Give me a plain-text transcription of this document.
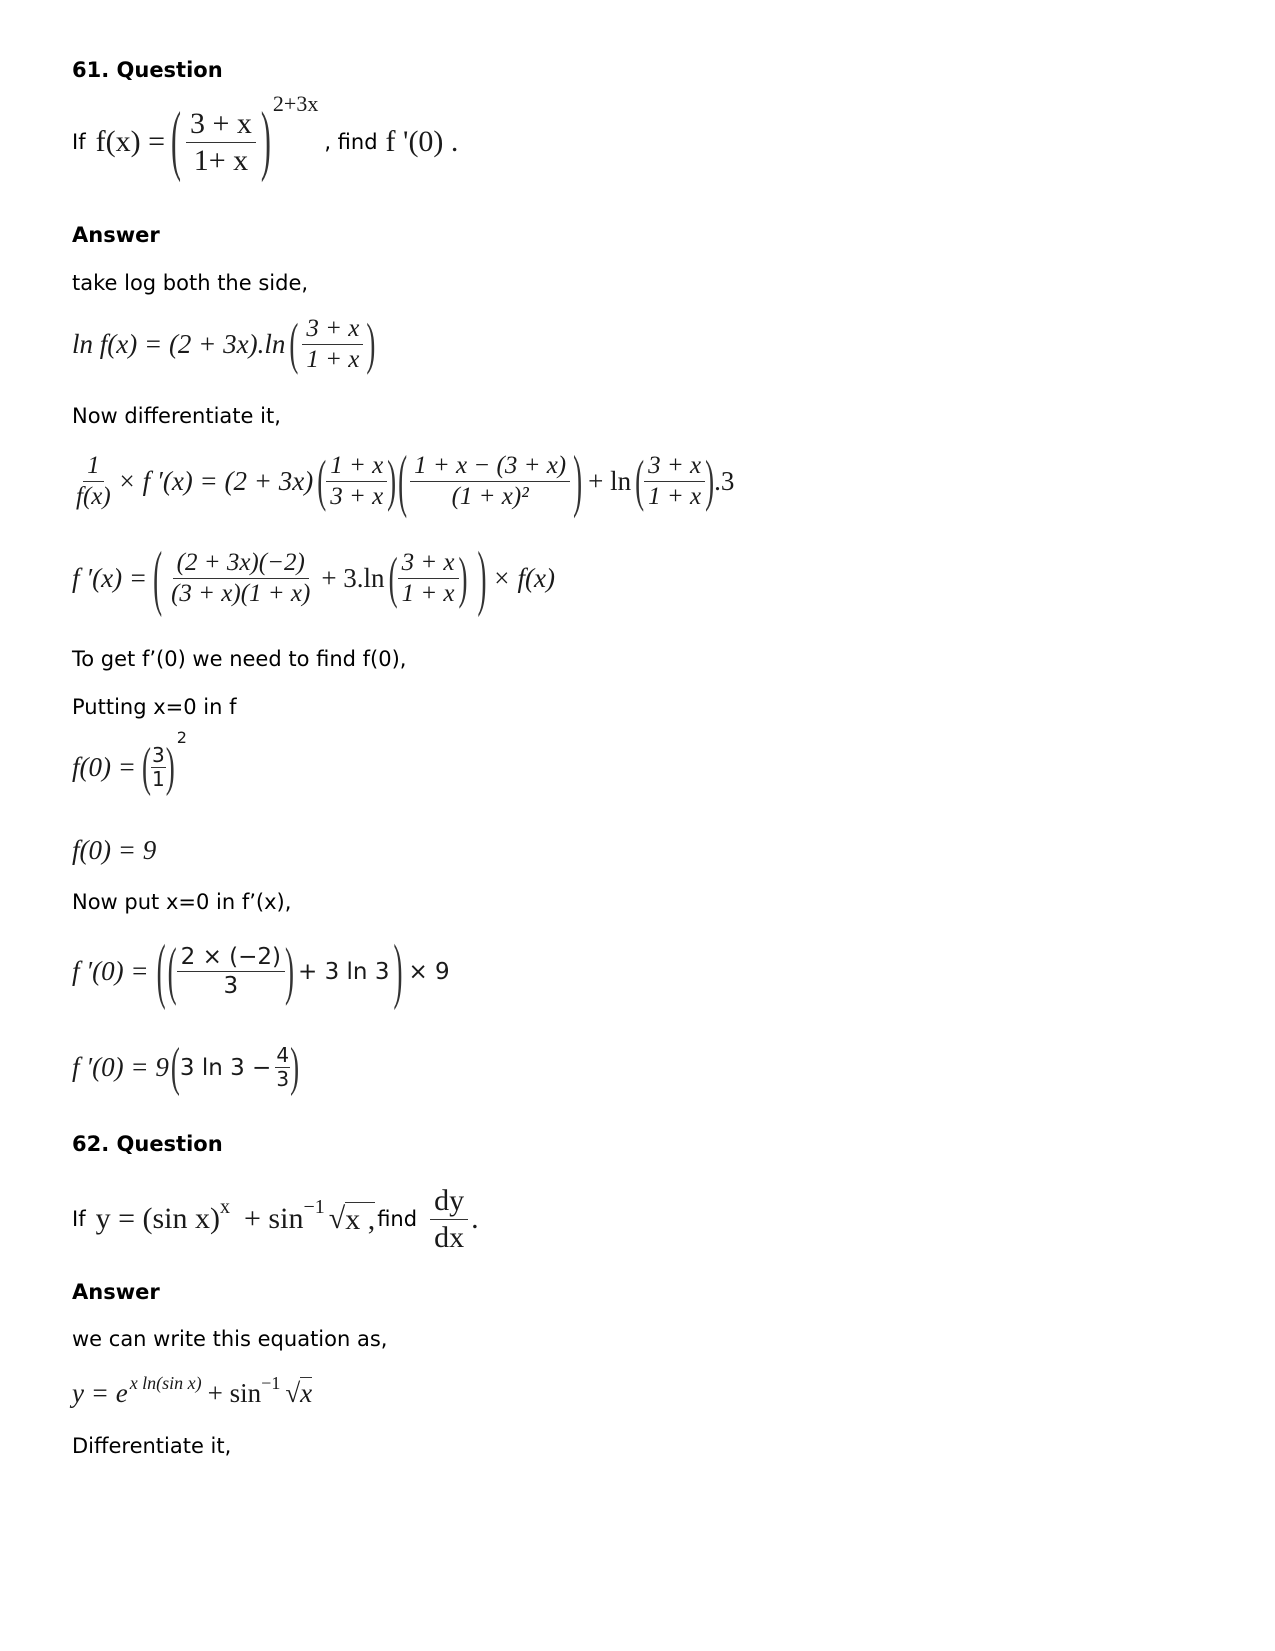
61. Question
If f(x) = ( $\frac{3 + x}{1+ x}$ ) 2+3x
, find f '(0) .
Answer
take log both the side,
ln f(x) = (2 + 3x).ln ( $\frac{3 + x}{1 + x}$ )
Now differentiate it,
$\frac{1}{f(x)} \times f$ ′(x) = (2 + 3x) ( $\frac{1 + x}{3 + x}$ ) ( $\frac{1 + x - (3 + x)}{\text{(1 + x)²}}$ ) + ln ( $\frac{3 + x}{1 + x}$ ) .3
f ′(x) = ( $\frac{(2 + 3x)(-2)}{(3 + x)(1 + x)} + 3.\ln$ ( $\frac{3 + x}{1 + x}$ ) ) × f(x)
To get f’(0) we need to find f(0),
Putting x=0 in f
f(0) = ( $\frac{3}{1}$ ) 2
f(0) = 9
Now put x=0 in f’(x),
f ′(0) = ( ( $\frac{2 \times (-2)}{3}$ ) + 3 ln 3 ) × 9
f ′(0) = 9 ( 3 $\ln 3 - \frac{4}{3}$ )
62. Question
If y = (sin x) x + sin −1 √ x , find $\frac{dy}{dx}$ .
Answer
we can write this equation as,
y = e x ln(sin x) + sin −1 √ x
Differentiate it,
